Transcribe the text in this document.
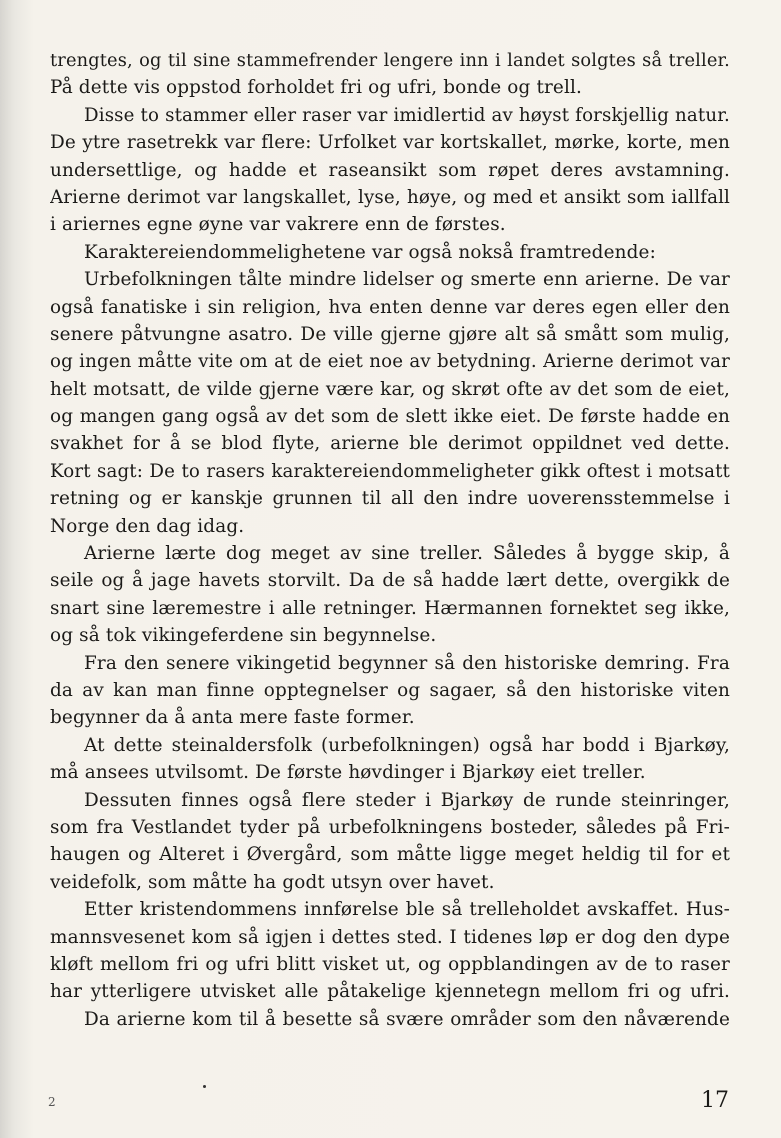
trengtes, og til sine stammefrender lengere inn i landet solgtes så treller.
På dette vis oppstod forholdet fri og ufri, bonde og trell.
Disse to stammer eller raser var imidlertid av høyst forskjellig natur.
De ytre rasetrekk var flere: Urfolket var kortskallet, mørke, korte, men
undersettlige, og hadde et raseansikt som røpet deres avstamning.
Arierne derimot var langskallet, lyse, høye, og med et ansikt som iallfall
i ariernes egne øyne var vakrere enn de førstes.
Karaktereiendommelighetene var også nokså framtredende:
Urbefolkningen tålte mindre lidelser og smerte enn arierne. De var
også fanatiske i sin religion, hva enten denne var deres egen eller den
senere påtvungne asatro. De ville gjerne gjøre alt så smått som mulig,
og ingen måtte vite om at de eiet noe av betydning. Arierne derimot var
helt motsatt, de vilde gjerne være kar, og skrøt ofte av det som de eiet,
og mangen gang også av det som de slett ikke eiet. De første hadde en
svakhet for å se blod flyte, arierne ble derimot oppildnet ved dette.
Kort sagt: De to rasers karaktereiendommeligheter gikk oftest i motsatt
retning og er kanskje grunnen til all den indre uoverensstemmelse i
Norge den dag idag.
Arierne lærte dog meget av sine treller. Således å bygge skip, å
seile og å jage havets storvilt. Da de så hadde lært dette, overgikk de
snart sine læremestre i alle retninger. Hærmannen fornektet seg ikke,
og så tok vikingeferdene sin begynnelse.
Fra den senere vikingetid begynner så den historiske demring. Fra
da av kan man finne opptegnelser og sagaer, så den historiske viten
begynner da å anta mere faste former.
At dette steinaldersfolk (urbefolkningen) også har bodd i Bjarkøy,
må ansees utvilsomt. De første høvdinger i Bjarkøy eiet treller.
Dessuten finnes også flere steder i Bjarkøy de runde steinringer,
som fra Vestlandet tyder på urbefolkningens bosteder, således på Fri-
haugen og Alteret i Øvergård, som måtte ligge meget heldig til for et
veidefolk, som måtte ha godt utsyn over havet.
Etter kristendommens innførelse ble så trelleholdet avskaffet. Hus-
mannsvesenet kom så igjen i dettes sted. I tidenes løp er dog den dype
kløft mellom fri og ufri blitt visket ut, og oppblandingen av de to raser
har ytterligere utvisket alle påtakelige kjennetegn mellom fri og ufri.
Da arierne kom til å besette så svære områder som den nåværende
2	17
